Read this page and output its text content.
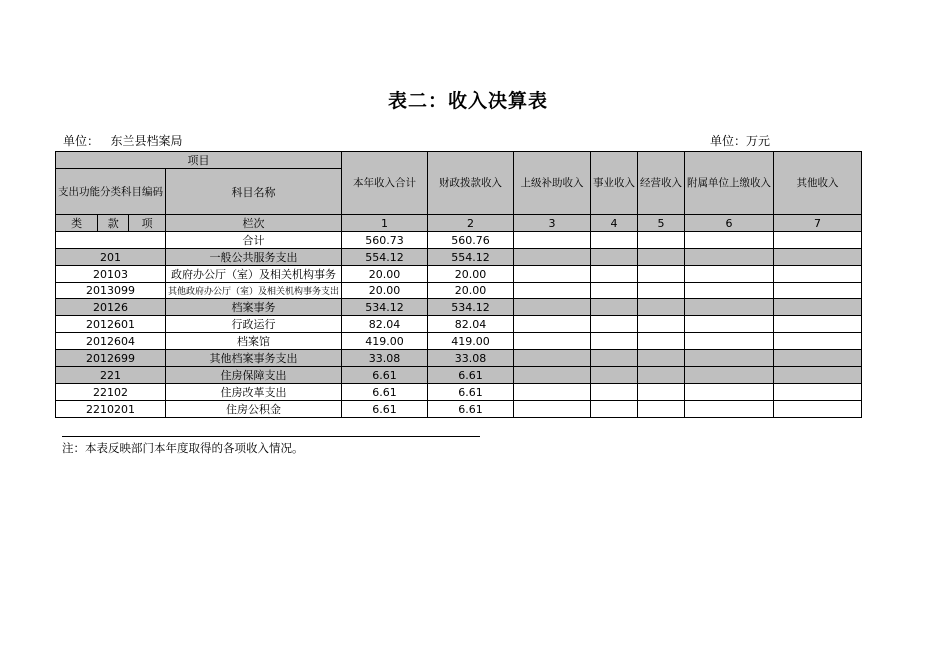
表二：收入决算表
单位：   东兰县档案局	单位：万元
项目				本年收入合计	财政拨款收入	上级补助收入	事业收入	经营收入	附属单位上缴收入	其他收入
支出功能分类科目编码			科目名称							
类	款	项	栏次	1	2	3	4	5	6	7
			合计	560.73	560.76					
201			一般公共服务支出	554.12	554.12					
20103			政府办公厅（室）及相关机构事务	20.00	20.00					
2013099			其他政府办公厅（室）及相关机构事务支出	20.00	20.00					
20126			档案事务	534.12	534.12					
2012601			行政运行	82.04	82.04					
2012604			档案馆	419.00	419.00					
2012699			其他档案事务支出	33.08	33.08					
221			住房保障支出	6.61	6.61					
22102			住房改革支出	6.61	6.61					
2210201			住房公积金	6.61	6.61					
注：本表反映部门本年度取得的各项收入情况。
